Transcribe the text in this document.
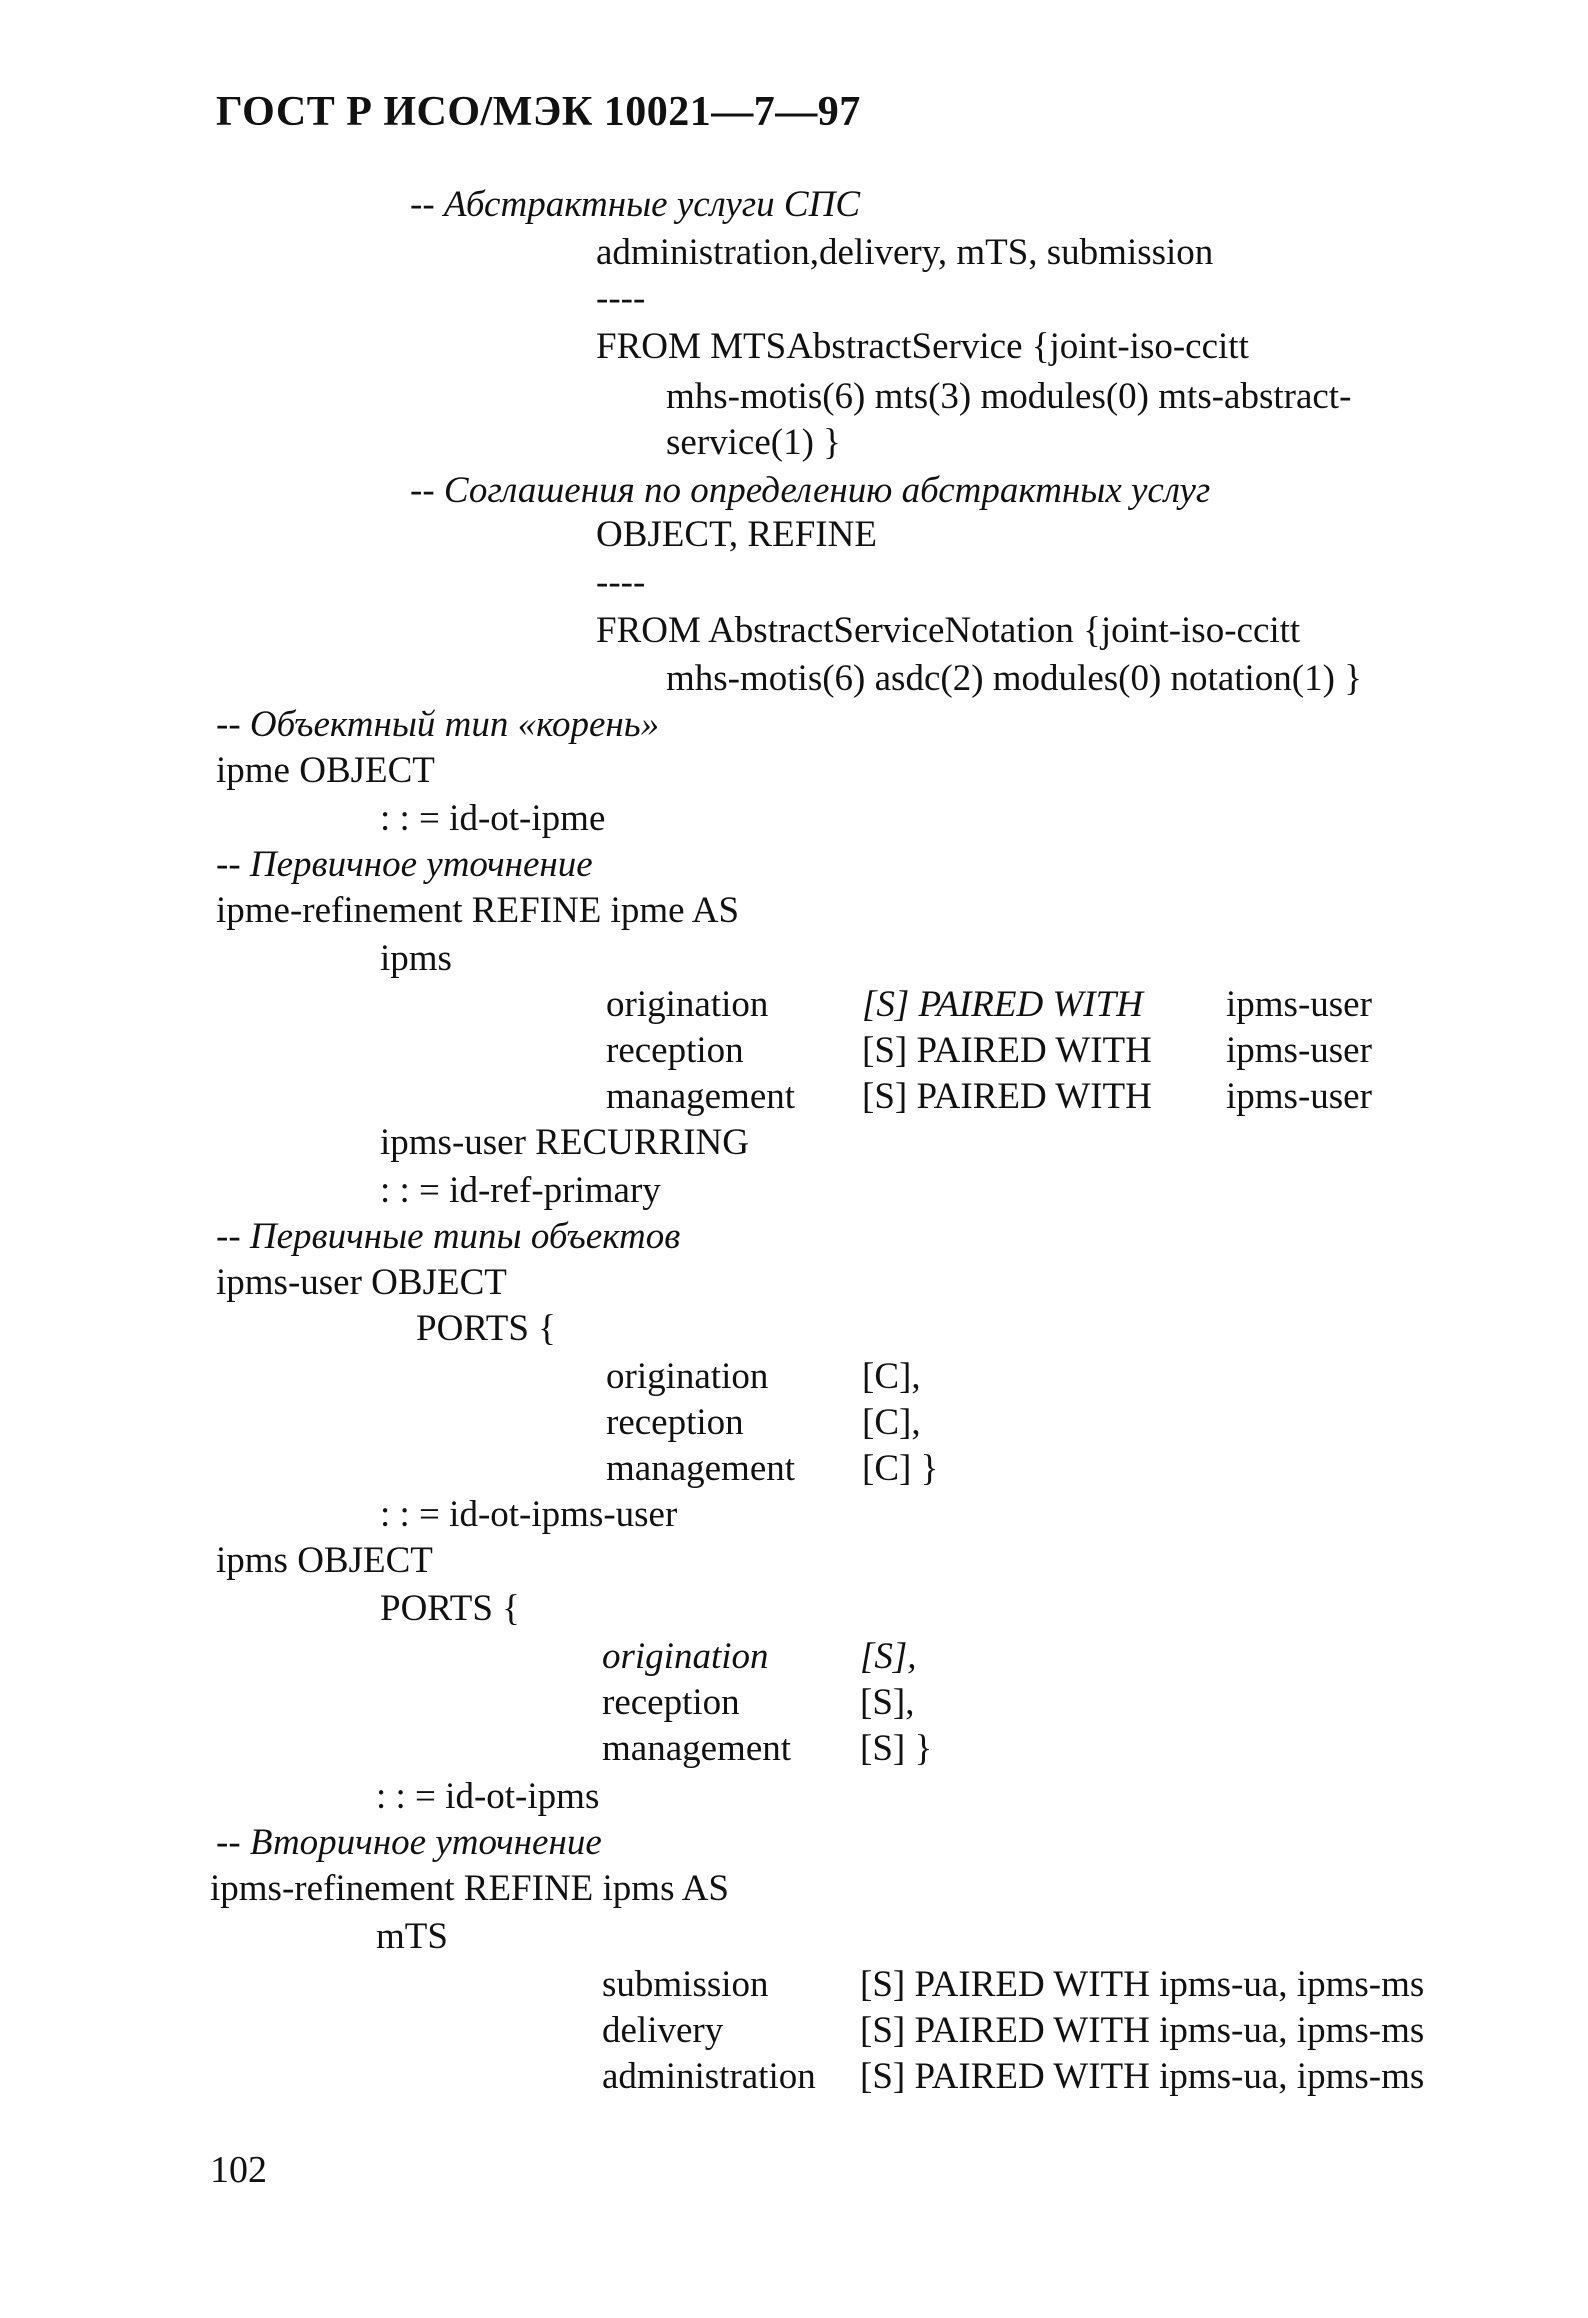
ГОСТ Р ИСО/МЭК 10021—7—97
-- Абстрактные услуги СПС
administration,delivery, mTS, submission
----
FROM MTSAbstractService {joint-iso-ccitt
mhs-motis(6) mts(3) modules(0) mts-abstract-
service(1) }
-- Соглашения по определению абстрактных услуг
OBJECT, REFINE
----
FROM AbstractServiceNotation {joint-iso-ccitt
mhs-motis(6) asdc(2) modules(0) notation(1) }
-- Объектный тип «корень»
ipme OBJECT
: : = id-ot-ipme
-- Первичное уточнение
ipme-refinement REFINE ipme AS
ipms
origination	[S] PAIRED WITH ipms-user
reception	[S] PAIRED WITH ipms-user
management [S] PAIRED WITH ipms-user
ipms-user RECURRING
: : = id-ref-primary
-- Первичные типы объектов
ipms-user OBJECT
PORTS {
origination	[C],
reception	[C],
management [C] }
: : = id-ot-ipms-user
ipms OBJECT
PORTS {
origination [S],
reception	[S],
management [S] }
: : = id-ot-ipms
-- Вторичное уточнение
ipms-refinement REFINE ipms AS
mTS
submission [S] PAIRED WITH ipms-ua, ipms-ms
delivery	[S] PAIRED WITH ipms-ua, ipms-ms
administration [S] PAIRED WITH ipms-ua, ipms-ms
102
